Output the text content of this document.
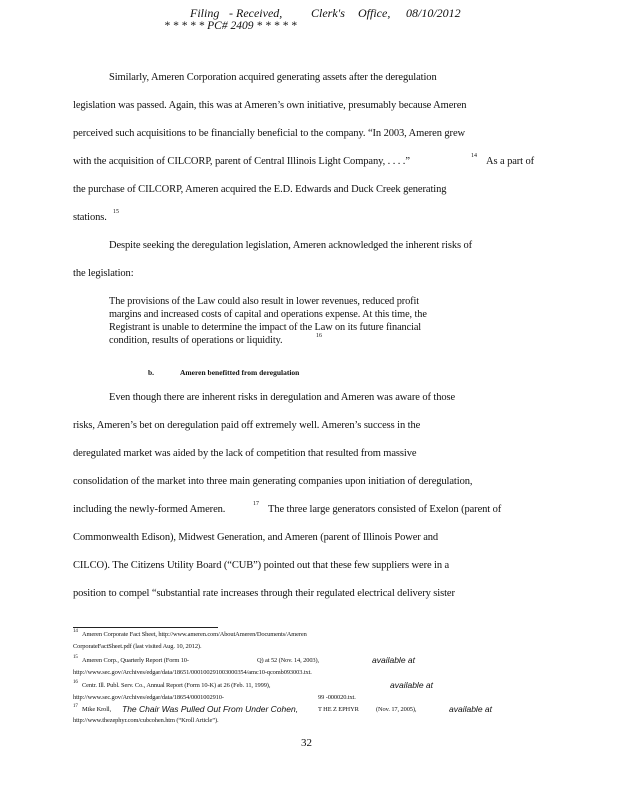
Filing - Received, Clerk's Office, 08/10/2012
* * * * * PC# 2409 * * * * *
Similarly, Ameren Corporation acquired generating assets after the deregulation
legislation was passed. Again, this was at Ameren’s own initiative, presumably because Ameren
perceived such acquisitions to be financially beneficial to the company. “In 2003, Ameren grew
with the acquisition of CILCORP, parent of Central Illinois Light Company, . . . .”	14 As a part of
the purchase of CILCORP, Ameren acquired the E.D. Edwards and Duck Creek generating
stations. 15
Despite seeking the deregulation legislation, Ameren acknowledged the inherent risks of
the legislation:
The provisions of the Law could also result in lower revenues, reduced profit
margins and increased costs of capital and operations expense. At this time, the
Registrant is unable to determine the impact of the Law on its future financial
condition, results of operations or liquidity.	16
b.	Ameren benefitted from deregulation
Even though there are inherent risks in deregulation and Ameren was aware of those
risks, Ameren’s bet on deregulation paid off extremely well. Ameren’s success in the
deregulated market was aided by the lack of competition that resulted from massive
consolidation of the market into three main generating companies upon initiation of deregulation,
including the newly-formed Ameren.	17 The three large generators consisted of Exelon (parent of
Commonwealth Edison), Midwest Generation, and Ameren (parent of Illinois Power and
CILCO). The Citizens Utility Board (“CUB”) pointed out that these few suppliers were in a
position to compel “substantial rate increases through their regulated electrical delivery sister
14 Ameren Corporate Fact Sheet, http://www.ameren.com/AboutAmeren/Documents/Ameren
CorporateFactSheet.pdf (last visited Aug. 10, 2012).
15 Ameren Corp., Quarterly Report (Form 10-	Q) at 52 (Nov. 14, 2003),	available at
http://www.sec.gov/Archives/edgar/data/18651/000100291003000354/amc10-qcomb093003.txt.
16 Centr. Ill. Publ. Serv. Co., Annual Report (Form 10-K) at 26 (Feb. 11, 1999),	available at
http://www.sec.gov/Archives/edgar/data/18654/0001002910-	99 -000020.txt.
17 Mike Kroll, The Chair Was Pulled Out From Under Cohen,	T HE Z EPHYR	(Nov. 17, 2005),	available at
http://www.thezephyr.com/cubcohen.htm (“Kroll Article”).
32
